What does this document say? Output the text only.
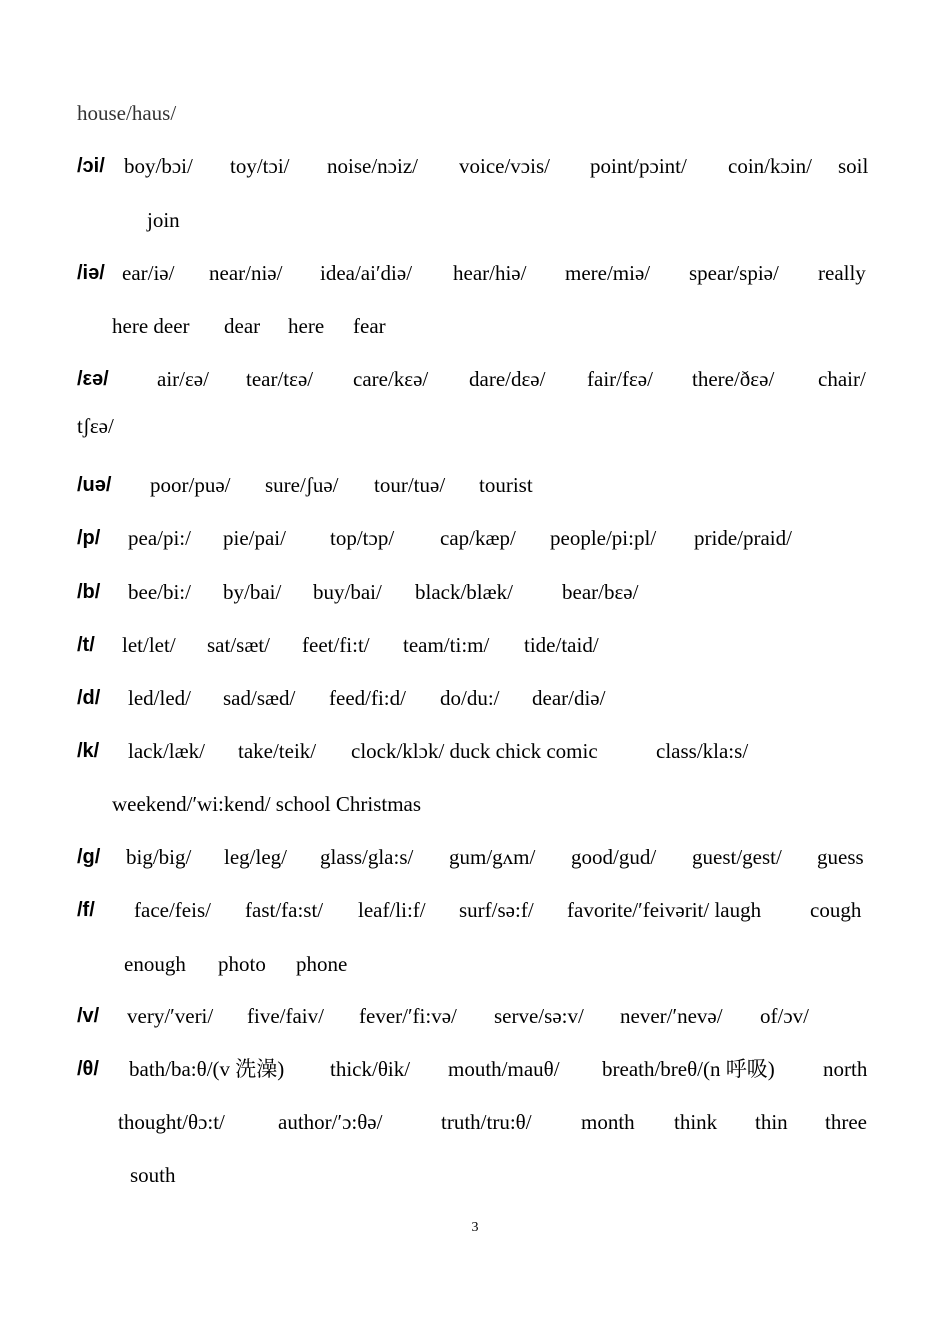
house/haus/
/ɔi/ boy/bɔi/ toy/tɔi/ noise/nɔiz/ voice/vɔis/ point/pɔint/ coin/kɔin/ soil
join
/iə/ ear/iə/ near/niə/ idea/ai′diə/ hear/hiə/ mere/miə/ spear/spiə/ really
here deer dear here fear
/εə/ air/εə/ tear/tεə/ care/kεə/ dare/dεə/ fair/fεə/ there/ðεə/ chair/
tʃεə/
/uə/ poor/puə/ sure/ʃuə/ tour/tuə/ tourist
/p/ pea/pi:/ pie/pai/ top/tɔp/ cap/kæp/ people/pi:pl/ pride/praid/
/b/ bee/bi:/ by/bai/ buy/bai/ black/blæk/ bear/bεə/
/t/ let/let/ sat/sæt/ feet/fi:t/ team/ti:m/ tide/taid/
/d/ led/led/ sad/sæd/ feed/fi:d/ do/du:/ dear/diə/
/k/ lack/læk/ take/teik/ clock/klɔk/ duck chick comic	class/kla:s/
weekend/′wi:kend/ school Christmas
/g/ big/big/ leg/leg/ glass/gla:s/ gum/gʌm/ good/gud/ guest/gest/ guess
/f/ face/feis/ fast/fa:st/ leaf/li:f/ surf/sə:f/ favorite/′feivərit/ laugh cough
enough photo phone
/v/ very/′veri/ five/faiv/ fever/′fi:və/ serve/sə:v/ never/′nevə/ of/ɔv/
/θ/ bath/ba:θ/(v 洗澡) thick/θik/ mouth/mauθ/ breath/breθ/(n 呼吸) north
thought/θɔ:t/	author/′ɔ:θə/	truth/tru:θ/ month think thin three
south
3
